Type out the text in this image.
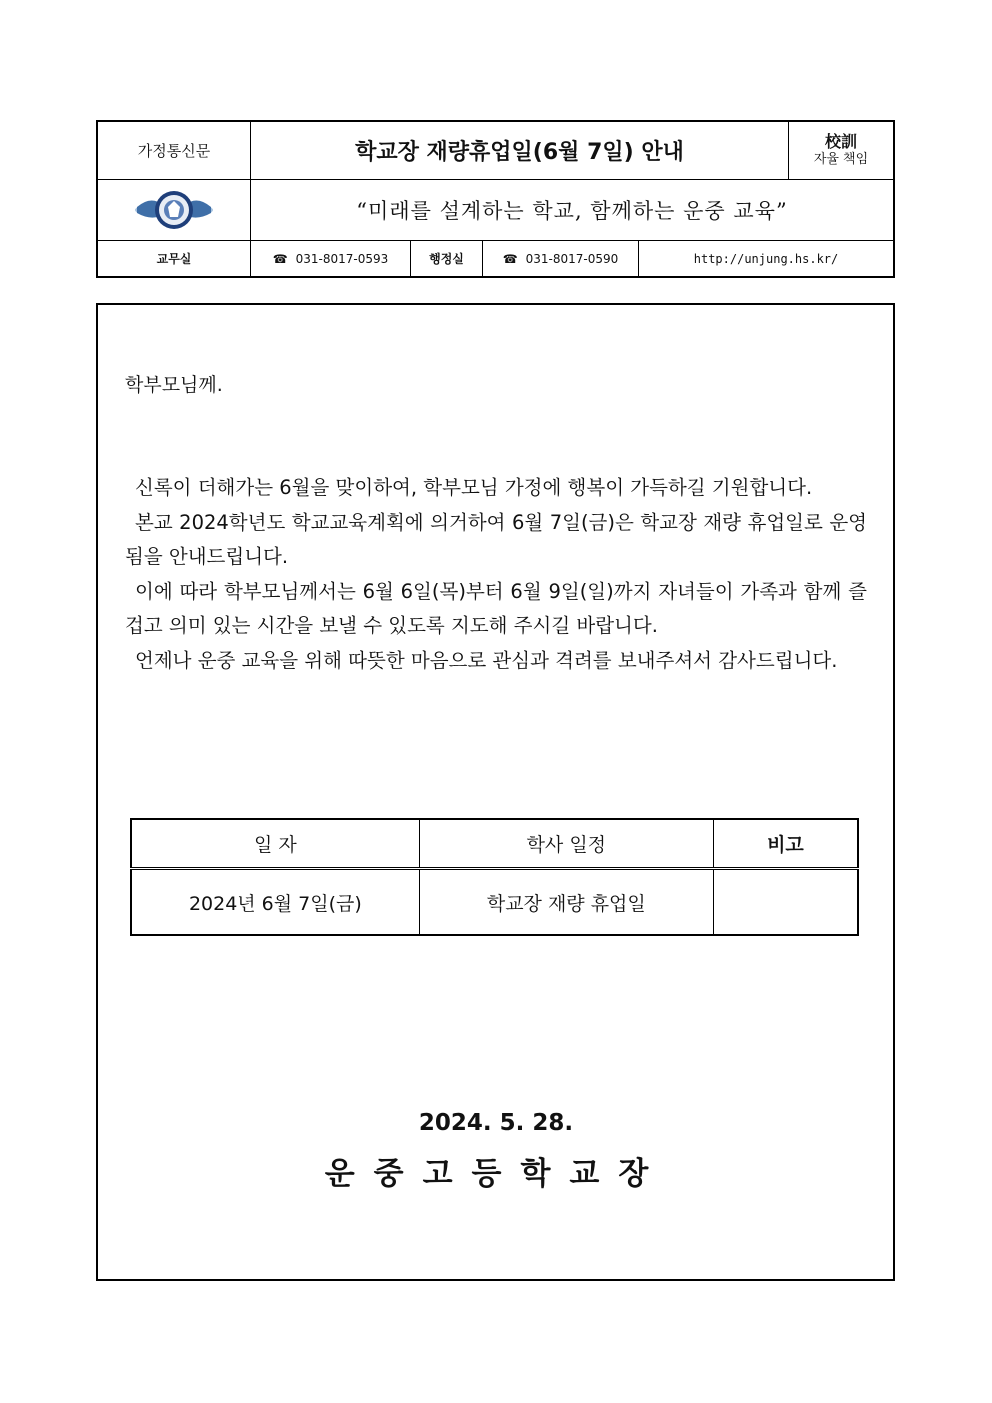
가정통신문	학교장 재량휴업일(6월 7일) 안내	校訓
자율 책임
“미래를 설계하는 학교, 함께하는 운중 교육”
교무실	☎ 031-8017-0593	행정실	☎ 031-8017-0590	http://unjung.hs.kr/
학부모님께.

신록이 더해가는 6월을 맞이하여, 학부모님 가정에 행복이 가득하길 기원합니다.

본교 2024학년도 학교교육계획에 의거하여 6월 7일(금)은 학교장 재량 휴업일로 운영됨을 안내드립니다.

이에 따라 학부모님께서는 6월 6일(목)부터 6월 9일(일)까지 자녀들이 가족과 함께 즐겁고 의미 있는 시간을 보낼 수 있도록 지도해 주시길 바랍니다.

언제나 운중 교육을 위해 따뜻한 마음으로 관심과 격려를 보내주셔서 감사드립니다.

일 자	학사 일정	비고
2024년 6월 7일(금)	학교장 재량 휴업일	
2024. 5. 28.
운중고등학교장
